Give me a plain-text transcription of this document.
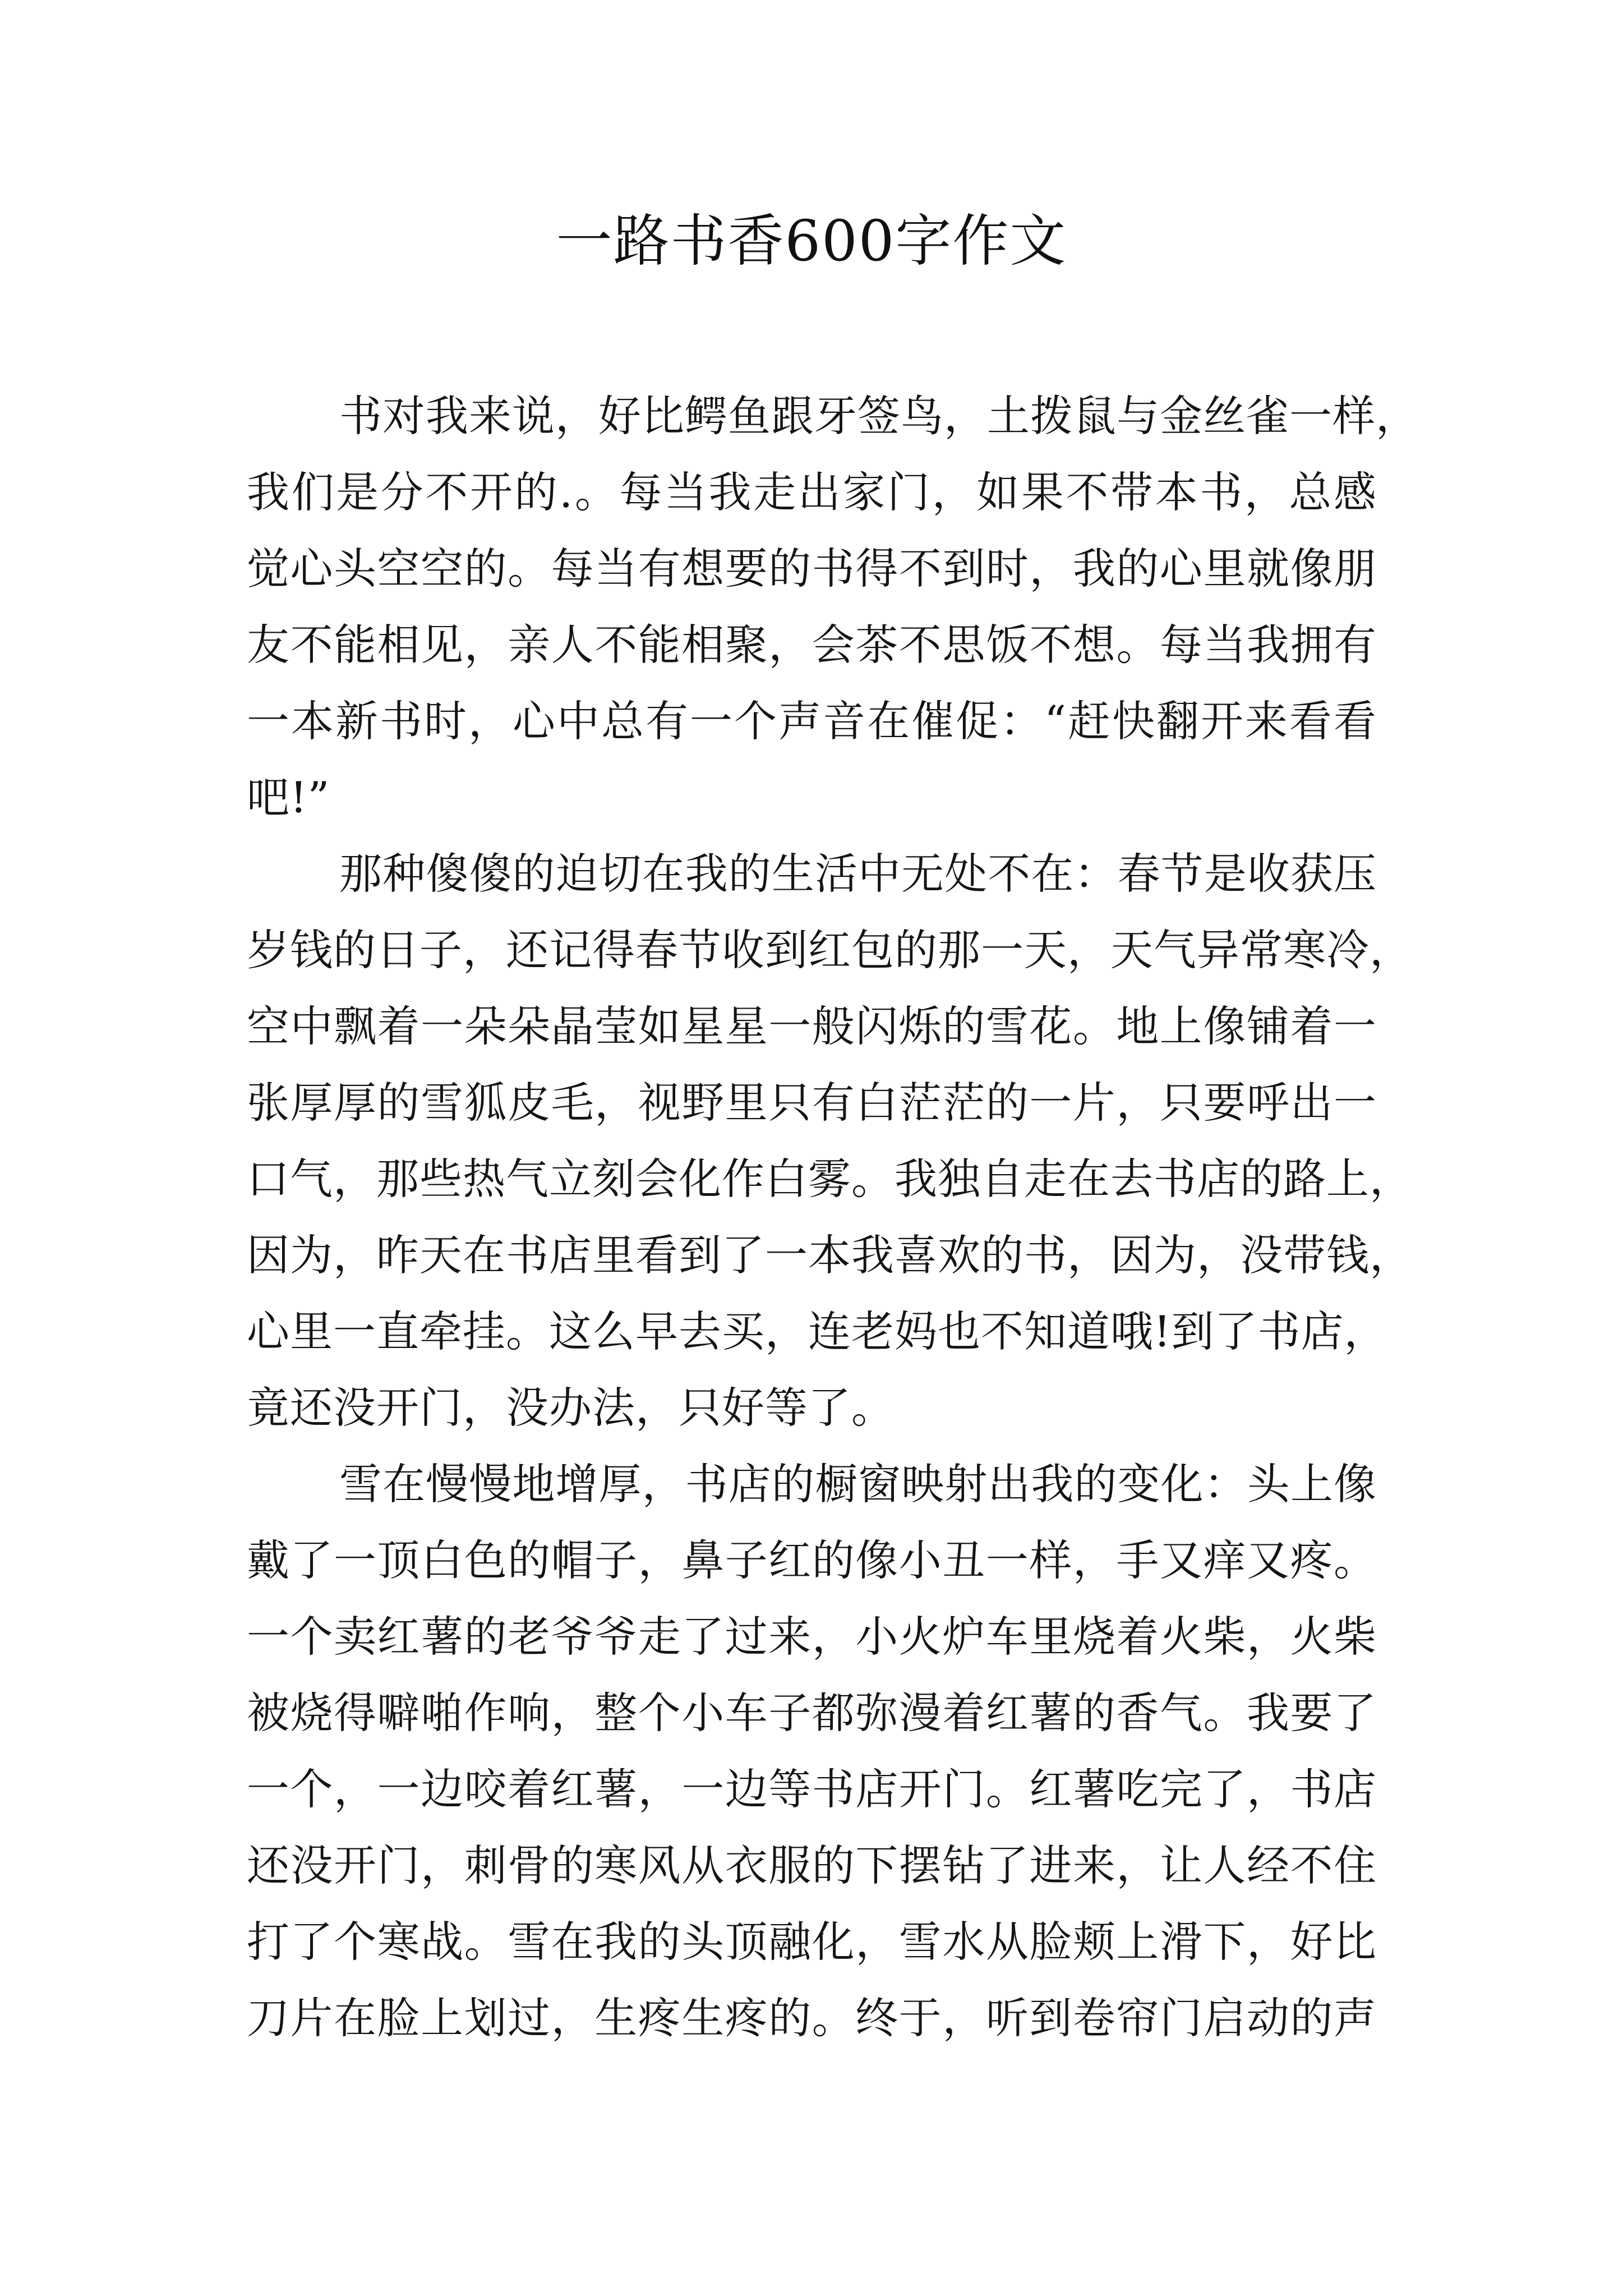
一路书香600字作文
书对我来说，好比鳄鱼跟牙签鸟，土拨鼠与金丝雀一样，
我们是分不开的.。每当我走出家门，如果不带本书，总感
觉心头空空的。每当有想要的书得不到时，我的心里就像朋
友不能相见，亲人不能相聚，会茶不思饭不想。每当我拥有
一本新书时，心中总有一个声音在催促：“赶快翻开来看看
吧!”
那种傻傻的迫切在我的生活中无处不在：春节是收获压
岁钱的日子，还记得春节收到红包的那一天，天气异常寒冷，
空中飘着一朵朵晶莹如星星一般闪烁的雪花。地上像铺着一
张厚厚的雪狐皮毛，视野里只有白茫茫的一片，只要呼出一
口气，那些热气立刻会化作白雾。我独自走在去书店的路上，
因为，昨天在书店里看到了一本我喜欢的书，因为，没带钱，
心里一直牵挂。这么早去买，连老妈也不知道哦!到了书店，
竟还没开门，没办法，只好等了。
雪在慢慢地增厚，书店的橱窗映射出我的变化：头上像
戴了一顶白色的帽子，鼻子红的像小丑一样，手又痒又疼。
一个卖红薯的老爷爷走了过来，小火炉车里烧着火柴，火柴
被烧得噼啪作响，整个小车子都弥漫着红薯的香气。我要了
一个，一边咬着红薯，一边等书店开门。红薯吃完了，书店
还没开门，刺骨的寒风从衣服的下摆钻了进来，让人经不住
打了个寒战。雪在我的头顶融化，雪水从脸颊上滑下，好比
刀片在脸上划过，生疼生疼的。终于，听到卷帘门启动的声
